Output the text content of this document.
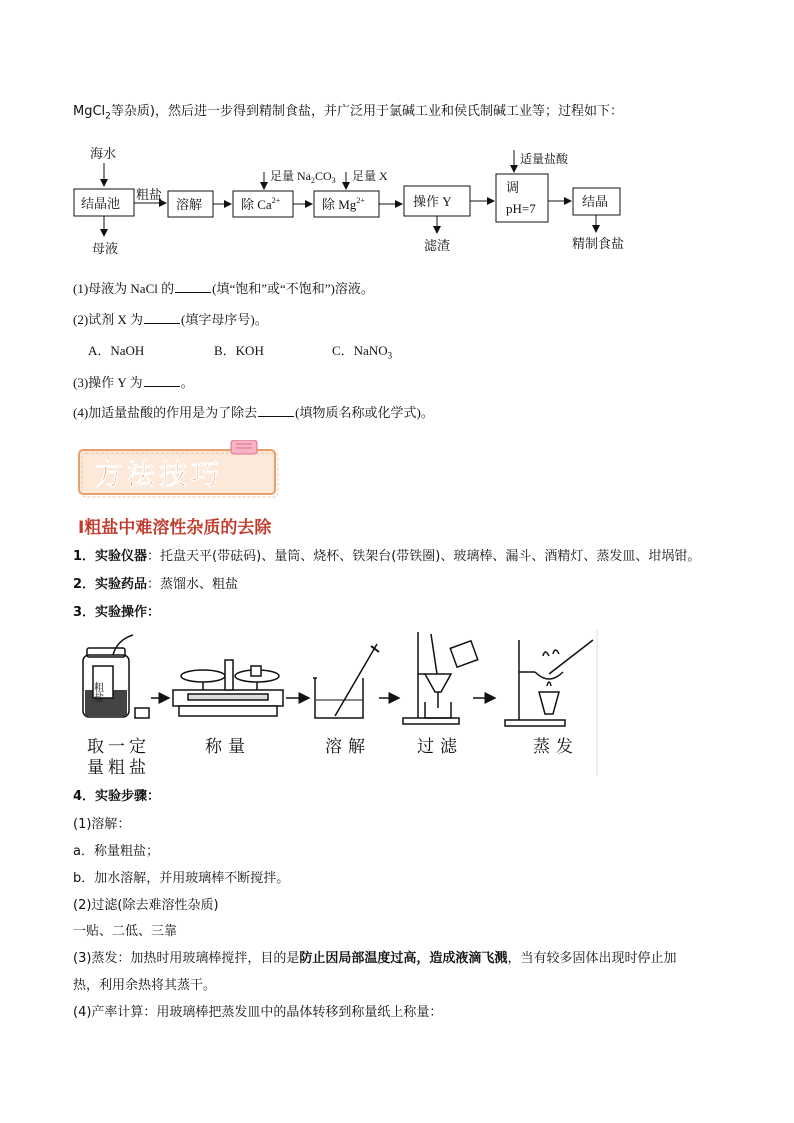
MgCl$_2$等杂质)，然后进一步得到精制食盐，并广泛用于氯碱工业和侯氏制碱工业等；过程如下：
海水
结晶池
母液
粗盐
溶解	除 $Ca^{2+}$
足量 $Na_2CO_3$
除 $Mg^{2+}$
足量 X
操作 Y
滤渣
调
pH=7
适量盐酸
结晶
精制食盐
(1)母液为 NaCl 的	(填“饱和”或“不饱和”)溶液。
(2)试剂 X 为	(填字母序号)。
A．NaOH	B．KOH	C．NaNO$_3$
(3)操作 Y 为	。
(4)加适量盐酸的作用是为了除去	(填物质名称或化学式)。
方法技巧
Ⅰ粗盐中难溶性杂质的去除
1．实验仪器：托盘天平(带砝码)、量筒、烧杯、铁架台(带铁圈)、玻璃棒、漏斗、酒精灯、蒸发皿、坩埚钳。
2．实验药品：蒸馏水、粗盐
3．实验操作：
粗盐
取一定
量粗盐
称量	溶解	过滤	蒸发
4．实验步骤：
(1)溶解：
a．称量粗盐；
b．加水溶解，并用玻璃棒不断搅拌。
(2)过滤(除去难溶性杂质)
一贴、二低、三靠
(3)蒸发：加热时用玻璃棒搅拌，目的是防止因局部温度过高，造成液滴飞溅，当有较多固体出现时停止加
热，利用余热将其蒸干。
(4)产率计算：用玻璃棒把蒸发皿中的晶体转移到称量纸上称量：
